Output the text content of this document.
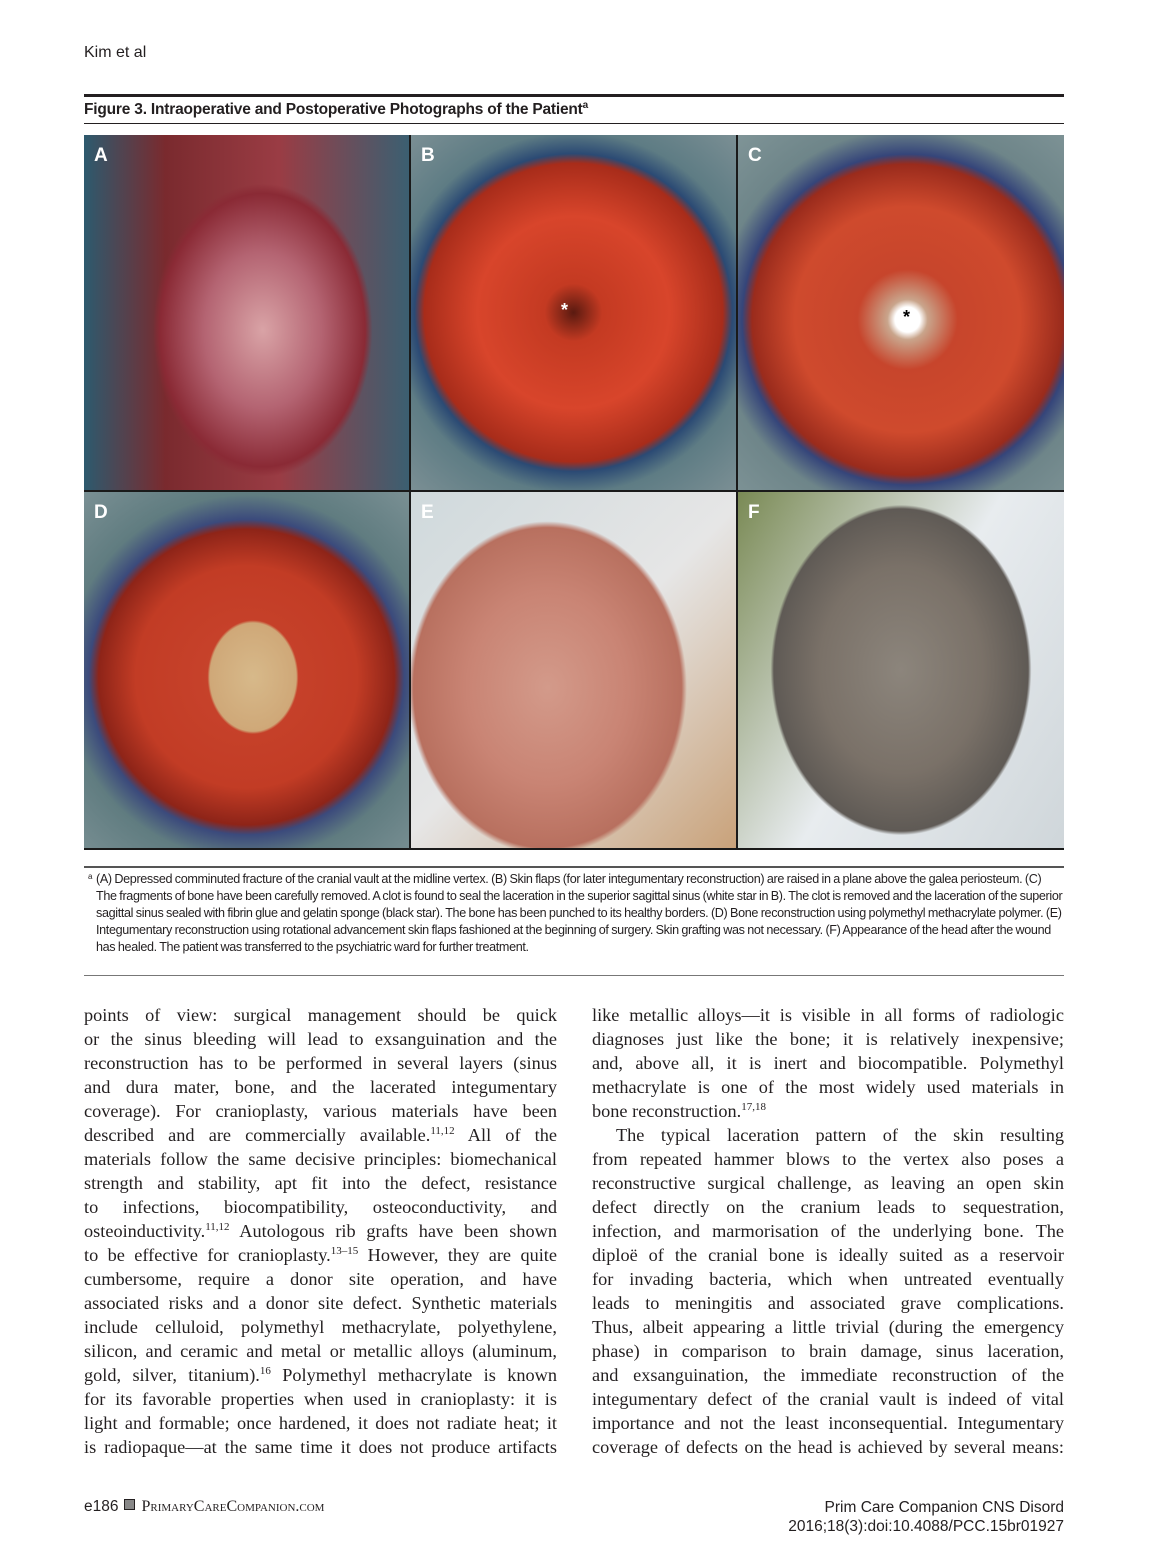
Kim et al
Figure 3. Intraoperative and Postoperative Photographs of the Patient$^a$
A	B
*
C
*
D	E	F
a (A) Depressed comminuted fracture of the cranial vault at the midline vertex. (B) Skin flaps (for later integumentary reconstruction) are raised in a plane above the galea periosteum. (C) The fragments of bone have been carefully removed. A clot is found to seal the laceration in the superior sagittal sinus (white star in B). The clot is removed and the laceration of the superior sagittal sinus sealed with fibrin glue and gelatin sponge (black star). The bone has been punched to its healthy borders. (D) Bone reconstruction using polymethyl methacrylate polymer. (E) Integumentary reconstruction using rotational advancement skin flaps fashioned at the beginning of surgery. Skin grafting was not necessary. (F) Appearance of the head after the wound has healed. The patient was transferred to the psychiatric ward for further treatment.

points of view: surgical management should be quick
or the sinus bleeding will lead to exsanguination and the
reconstruction has to be performed in several layers (sinus
and dura mater, bone, and the lacerated integumentary
coverage). For cranioplasty, various materials have been
described and are commercially available.$^{11,12}$ All of the
materials follow the same decisive principles: biomechanical
strength and stability, apt fit into the defect, resistance
to infections, biocompatibility, osteoconductivity, and
osteoinductivity.$^{11,12}$ Autologous rib grafts have been shown
to be effective for cranioplasty.$^{13-15}$ However, they are quite
cumbersome, require a donor site operation, and have
associated risks and a donor site defect. Synthetic materials
include celluloid, polymethyl methacrylate, polyethylene,
silicon, and ceramic and metal or metallic alloys (aluminum,
gold, silver, titanium).$^{16}$ Polymethyl methacrylate is known
for its favorable properties when used in cranioplasty: it is
light and formable; once hardened, it does not radiate heat; it
is radiopaque—at the same time it does not produce artifacts
like metallic alloys—it is visible in all forms of radiologic
diagnoses just like the bone; it is relatively inexpensive;
and, above all, it is inert and biocompatible. Polymethyl
methacrylate is one of the most widely used materials in
bone reconstruction.$^{17,18}$
The typical laceration pattern of the skin resulting
from repeated hammer blows to the vertex also poses a
reconstructive surgical challenge, as leaving an open skin
defect directly on the cranium leads to sequestration,
infection, and marmorisation of the underlying bone. The
diploë of the cranial bone is ideally suited as a reservoir
for invading bacteria, which when untreated eventually
leads to meningitis and associated grave complications.
Thus, albeit appearing a little trivial (during the emergency
phase) in comparison to brain damage, sinus laceration,
and exsanguination, the immediate reconstruction of the
integumentary defect of the cranial vault is indeed of vital
importance and not the least inconsequential. Integumentary
coverage of defects on the head is achieved by several means:
e186 PrimaryCareCompanion.com	Prim Care Companion CNS Disord
2016;18(3):doi:10.4088/PCC.15br01927
